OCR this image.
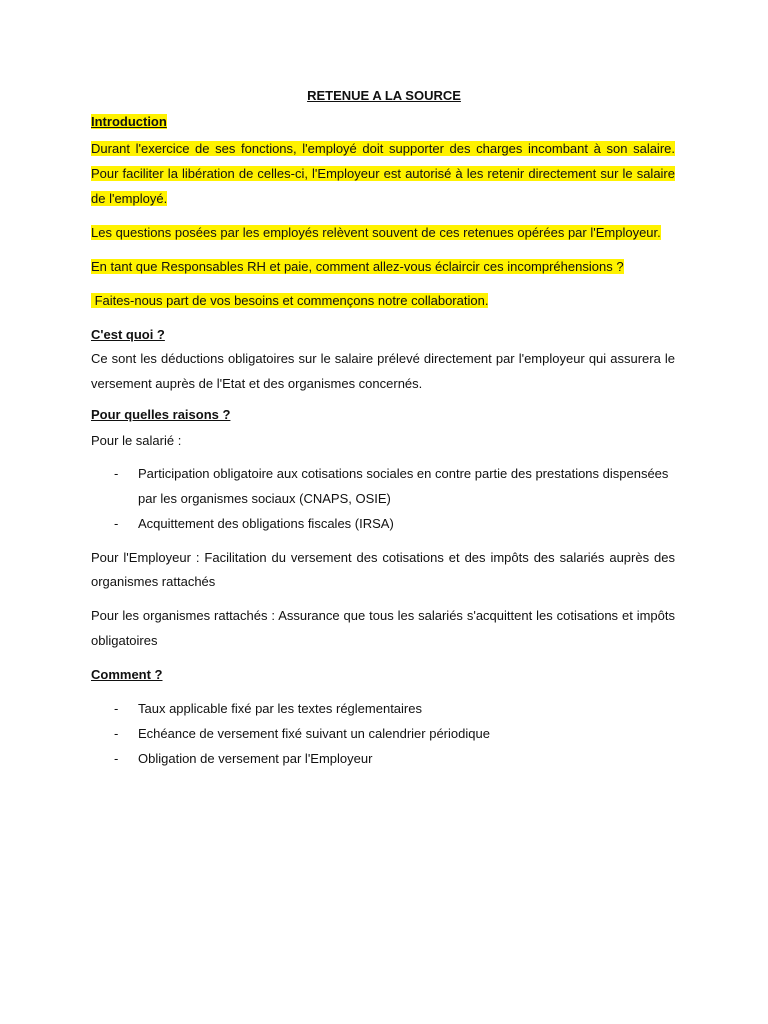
RETENUE A LA SOURCE
Introduction
Durant l'exercice de ses fonctions, l'employé doit supporter des charges incombant à son salaire.
Pour faciliter la libération de celles-ci, l'Employeur est autorisé à les retenir directement sur le salaire
de l'employé.
Les questions posées par les employés relèvent souvent de ces retenues opérées par l'Employeur.
En tant que Responsables RH et paie, comment allez-vous éclaircir ces incompréhensions ?
Faites-nous part de vos besoins et commençons notre collaboration.
C'est quoi ?
Ce sont les déductions obligatoires sur le salaire prélevé directement par l'employeur qui assurera le
versement auprès de l'Etat et des organismes concernés.
Pour quelles raisons ?
Pour le salarié :
- Participation obligatoire aux cotisations sociales en contre partie des prestations dispensées
par les organismes sociaux (CNAPS, OSIE)
- Acquittement des obligations fiscales (IRSA)
Pour l'Employeur : Facilitation du versement des cotisations et des impôts des salariés auprès des
organismes rattachés
Pour les organismes rattachés : Assurance que tous les salariés s'acquittent les cotisations et impôts
obligatoires
Comment ?
- Taux applicable fixé par les textes réglementaires
- Echéance de versement fixé suivant un calendrier périodique
- Obligation de versement par l'Employeur
